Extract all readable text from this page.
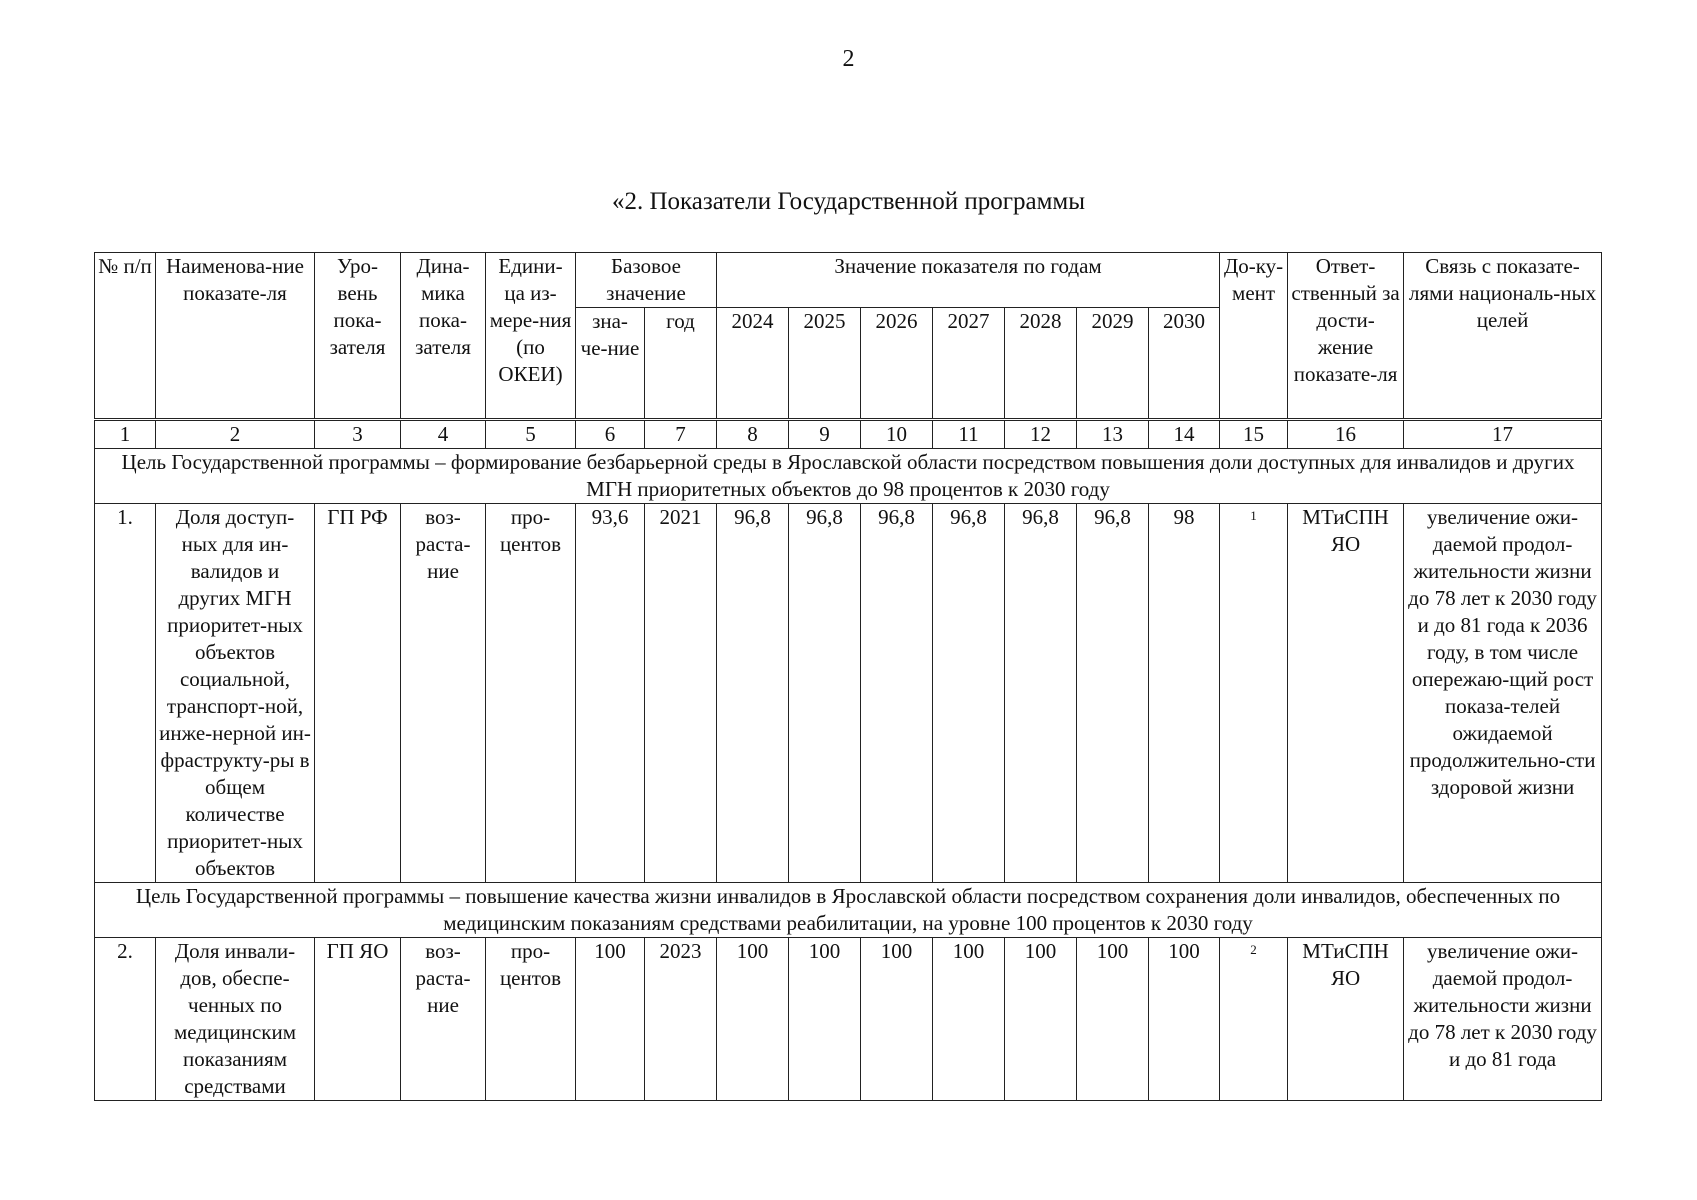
2
«2. Показатели Государственной программы
№ п/п	Наименова-ние показате-ля	Уро-вень пока-зателя	Дина-мика пока-зателя	Едини-ца из-мере-ния (по ОКЕИ)	Базовое значение		Значение показателя по годам							До-ку-мент	Ответ-ственный за дости-жение показате-ля	Связь с показате-лями националь-ных целей
					зна-че-ние	год	2024	2025	2026	2027	2028	2029	2030			
1	2	3	4	5	6	7	8	9	10	11	12	13	14	15	16	17
Цель Государственной программы – формирование безбарьерной среды в Ярославской области посредством повышения доли доступных для инвалидов и других МГН приоритетных объектов до 98 процентов к 2030 году																
1.	Доля доступ-ных для ин-валидов и других МГН приоритет-ных объектов социальной, транспорт-ной, инже-нерной ин-фраструкту-ры в общем количестве приоритет-ных объектов	ГП РФ	воз-раста-ние	про-центов	93,6	2021	96,8	96,8	96,8	96,8	96,8	96,8	98	$^1$	МТиСПН ЯО	увеличение ожи-даемой продол-жительности жизни до 78 лет к 2030 году и до 81 года к 2036 году, в том числе опережаю-щий рост показа-телей ожидаемой продолжительно-сти здоровой жизни
Цель Государственной программы – повышение качества жизни инвалидов в Ярославской области посредством сохранения доли инвалидов, обеспеченных по медицинским показаниям средствами реабилитации, на уровне 100 процентов к 2030 году																
2.	Доля инвали-дов, обеспе-ченных по медицинским показаниям средствами	ГП ЯО	воз-раста-ние	про-центов	100	2023	100	100	100	100	100	100	100	$^2$	МТиСПН ЯО	увеличение ожи-даемой продол-жительности жизни до 78 лет к 2030 году и до 81 года
